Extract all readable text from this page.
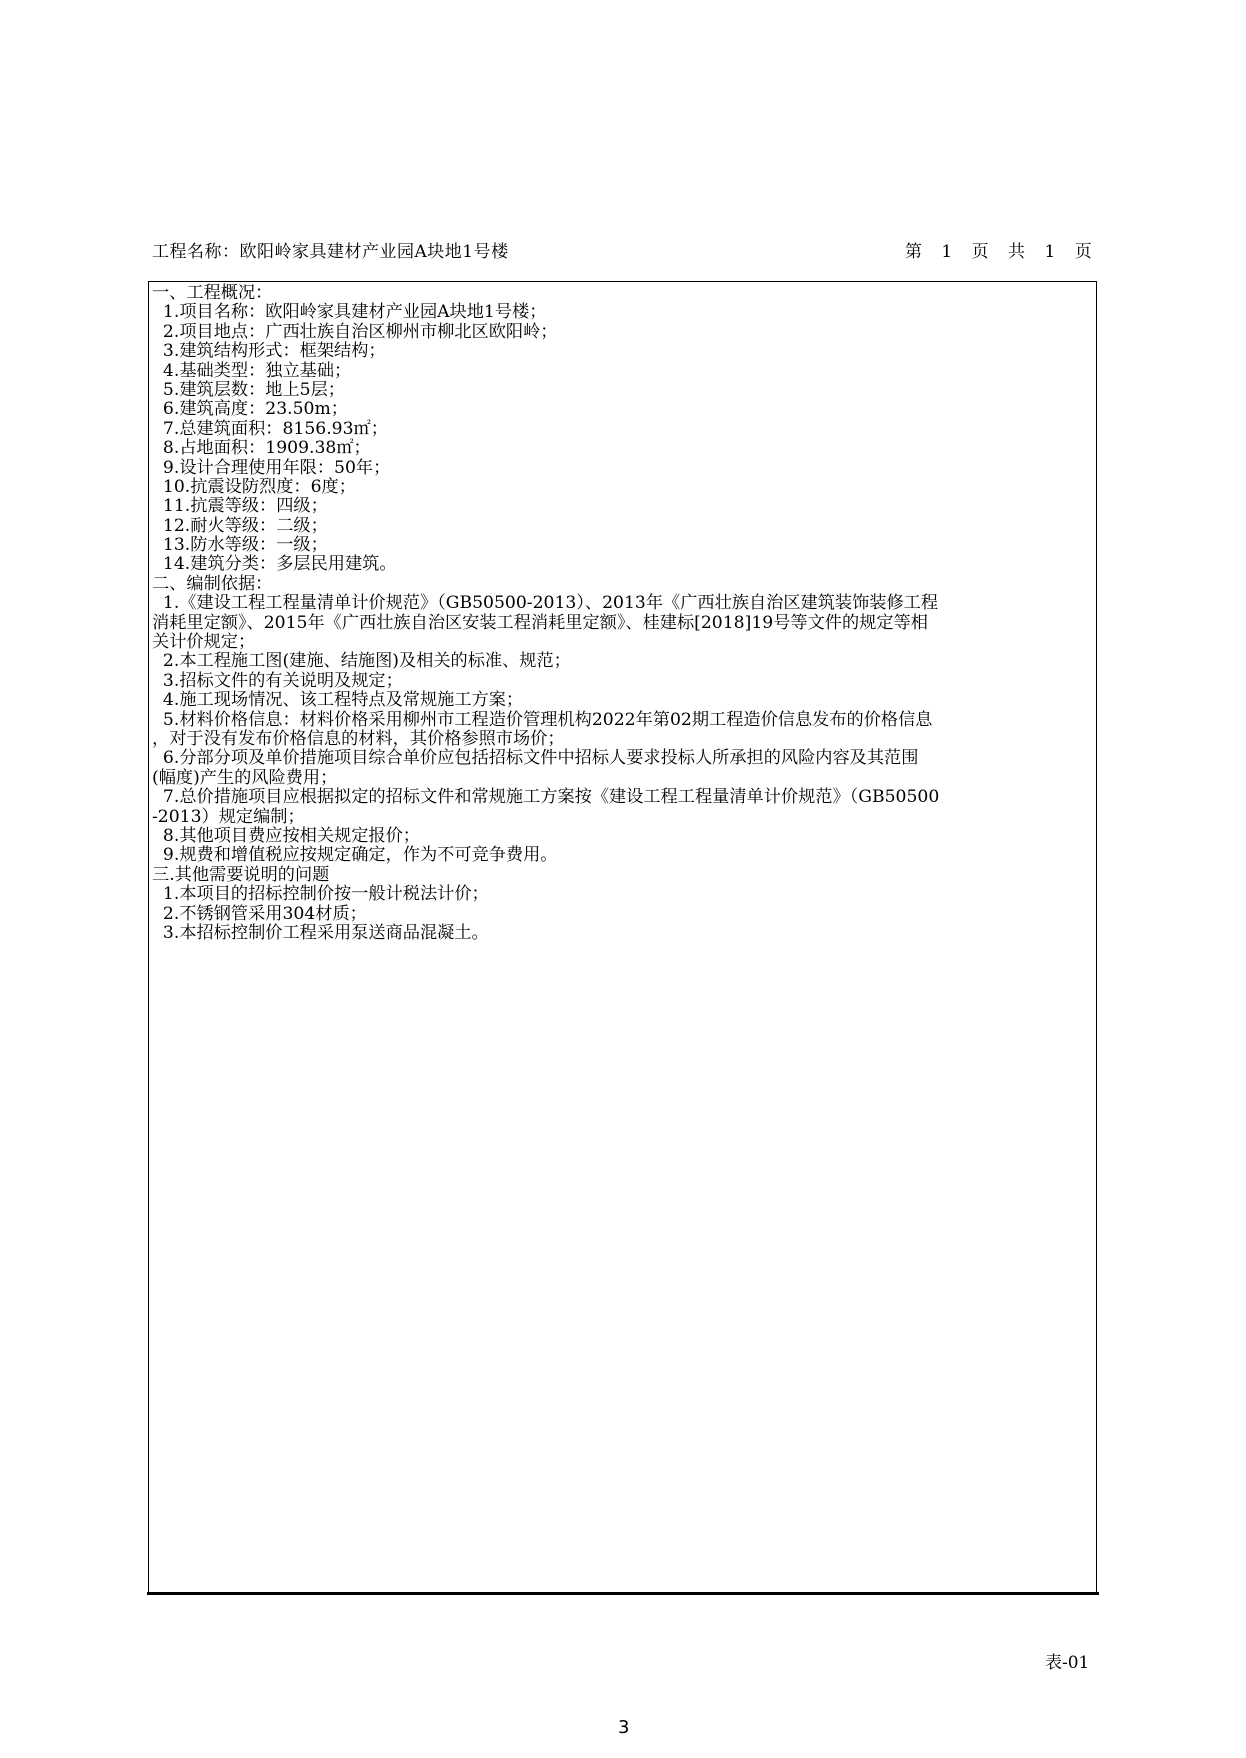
工程名称：欧阳岭家具建材产业园A块地1号楼	第 1 页 共 1 页
一、工程概况：
1.项目名称：欧阳岭家具建材产业园A块地1号楼；
2.项目地点：广西壮族自治区柳州市柳北区欧阳岭；
3.建筑结构形式：框架结构；
4.基础类型：独立基础；
5.建筑层数：地上5层；
6.建筑高度：23.50m；
7.总建筑面积：8156.93㎡；
8.占地面积：1909.38㎡；
9.设计合理使用年限：50年；
10.抗震设防烈度：6度；
11.抗震等级：四级；
12.耐火等级：二级；
13.防水等级：一级；
14.建筑分类：多层民用建筑。
二、编制依据：
1.《建设工程工程量清单计价规范》（GB50500-2013）、2013年《广西壮族自治区建筑装饰装修工程
消耗里定额》、2015年《广西壮族自治区安装工程消耗里定额》、桂建标[2018]19号等文件的规定等相
关计价规定；
2.本工程施工图(建施、结施图)及相关的标准、规范；
3.招标文件的有关说明及规定；
4.施工现场情况、该工程特点及常规施工方案；
5.材料价格信息：材料价格采用柳州市工程造价管理机构2022年第02期工程造价信息发布的价格信息
，对于没有发布价格信息的材料，其价格参照市场价；
6.分部分项及单价措施项目综合单价应包括招标文件中招标人要求投标人所承担的风险内容及其范围
(幅度)产生的风险费用；
7.总价措施项目应根据拟定的招标文件和常规施工方案按《建设工程工程量清单计价规范》（GB50500
-2013）规定编制；
8.其他项目费应按相关规定报价；
9.规费和增值税应按规定确定，作为不可竞争费用。
三.其他需要说明的问题
1.本项目的招标控制价按一般计税法计价；
2.不锈钢管采用304材质；
3.本招标控制价工程采用泵送商品混凝土。
表-01
3
